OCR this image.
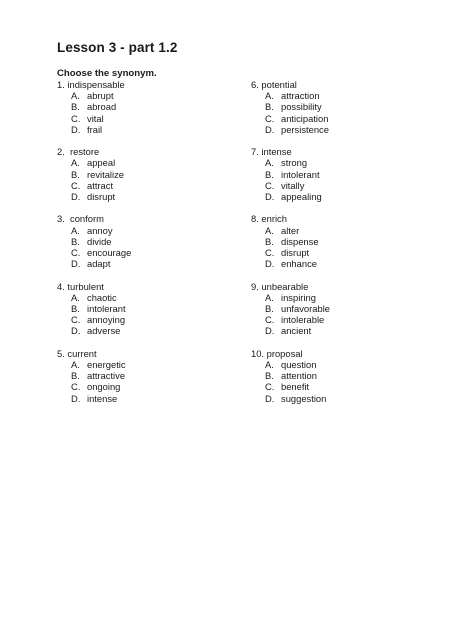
Lesson 3 - part 1.2
Choose the synonym.
1. indispensable
A. abrupt
B. abroad
C. vital
D. frail
2.  restore
A. appeal
B. revitalize
C. attract
D. disrupt
3.  conform
A. annoy
B. divide
C. encourage
D. adapt
4. turbulent
A. chaotic
B. intolerant
C. annoying
D. adverse
5. current
A. energetic
B. attractive
C. ongoing
D. intense
6. potential
A. attraction
B. possibility
C. anticipation
D. persistence
7. intense
A. strong
B. intolerant
C. vitally
D. appealing
8. enrich
A. alter
B. dispense
C. disrupt
D. enhance
9. unbearable
A. inspiring
B. unfavorable
C. intolerable
D. ancient
10. proposal
A. question
B. attention
C. benefit
D. suggestion
